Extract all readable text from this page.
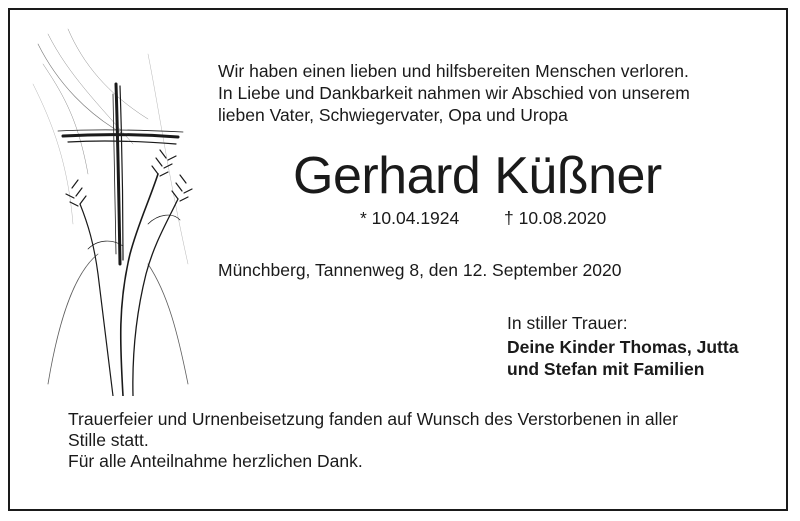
Wir haben einen lieben und hilfsbereiten Menschen verloren.
In Liebe und Dankbarkeit nahmen wir Abschied von unserem
lieben Vater, Schwiegervater, Opa und Uropa
Gerhard Küßner
* 10.04.1924	† 10.08.2020
Münchberg, Tannenweg 8, den 12. September 2020
In stiller Trauer:
Deine Kinder Thomas, Jutta
und Stefan mit Familien
Trauerfeier und Urnenbeisetzung fanden auf Wunsch des Verstorbenen in aller
Stille statt.
Für alle Anteilnahme herzlichen Dank.
